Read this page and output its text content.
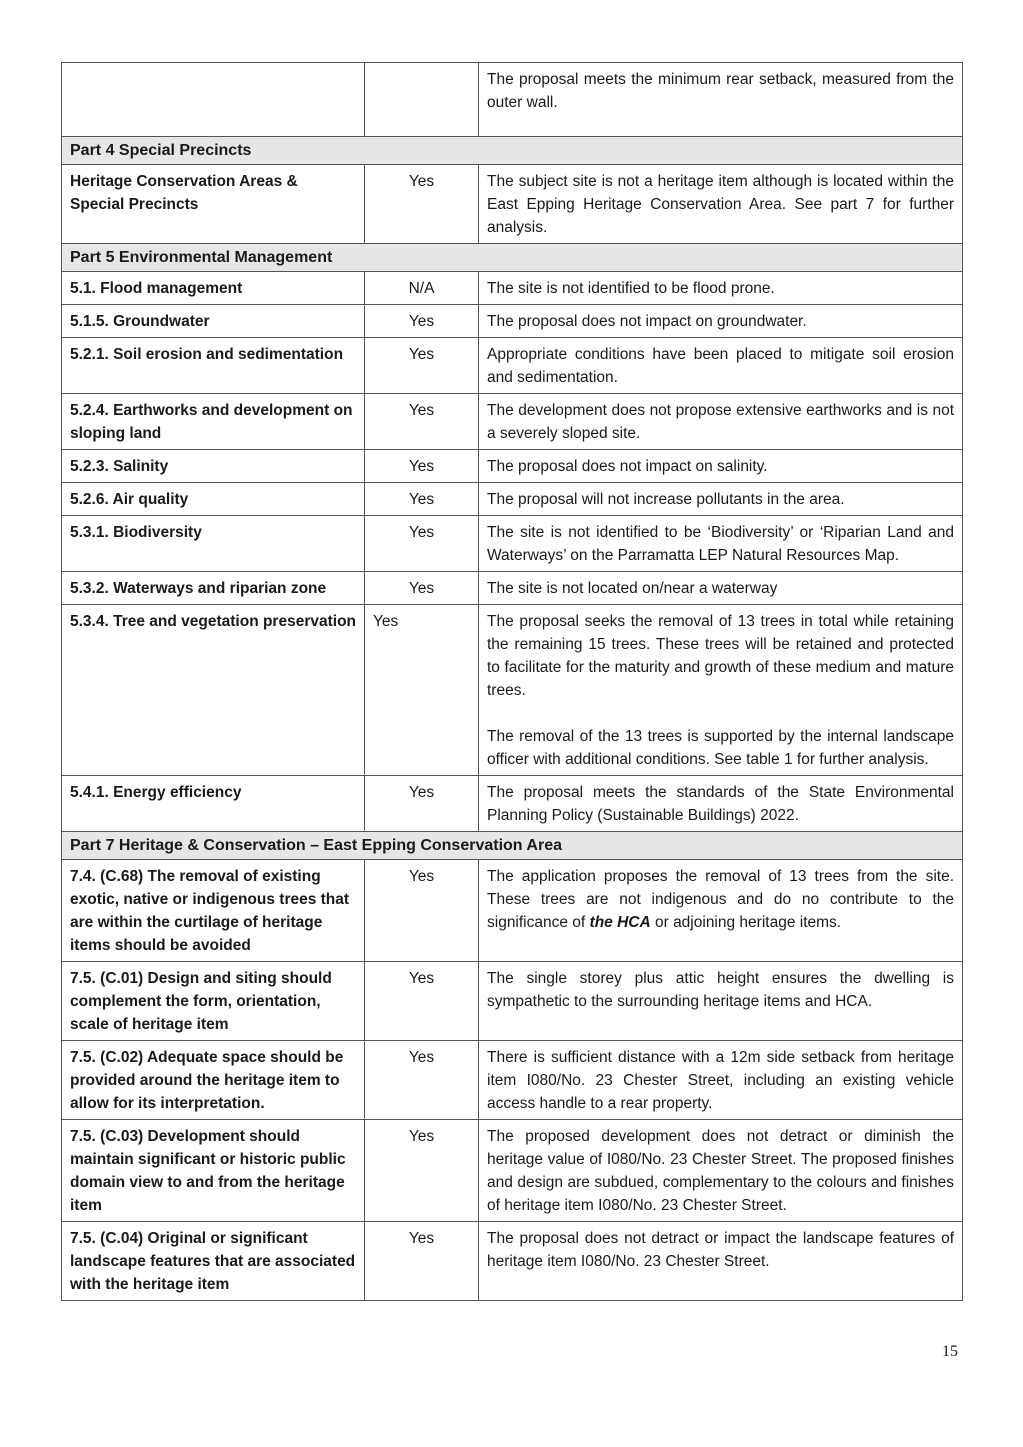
		The proposal meets the minimum rear setback, measured from the outer wall.
Part 4 Special Precincts		
Heritage Conservation Areas & Special Precincts	Yes	The subject site is not a heritage item although is located within the East Epping Heritage Conservation Area. See part 7 for further analysis.
Part 5 Environmental Management		
5.1. Flood management	N/A	The site is not identified to be flood prone.
5.1.5. Groundwater	Yes	The proposal does not impact on groundwater.
5.2.1. Soil erosion and sedimentation	Yes	Appropriate conditions have been placed to mitigate soil erosion and sedimentation.
5.2.4. Earthworks and development on sloping land	Yes	The development does not propose extensive earthworks and is not a severely sloped site.
5.2.3. Salinity	Yes	The proposal does not impact on salinity.
5.2.6. Air quality	Yes	The proposal will not increase pollutants in the area.
5.3.1. Biodiversity	Yes	The site is not identified to be ‘Biodiversity’ or ‘Riparian Land and Waterways’ on the Parramatta LEP Natural Resources Map.
5.3.2. Waterways and riparian zone	Yes	The site is not located on/near a waterway
5.3.4. Tree and vegetation preservation	Yes	The proposal seeks the removal of 13 trees in total while retaining the remaining 15 trees. These trees will be retained and protected to facilitate for the maturity and growth of these medium and mature trees.
The removal of the 13 trees is supported by the internal landscape officer with additional conditions. See table 1 for further analysis.

5.4.1. Energy efficiency	Yes	The proposal meets the standards of the State Environmental Planning Policy (Sustainable Buildings) 2022.
Part 7 Heritage & Conservation – East Epping Conservation Area		
7.4. (C.68) The removal of existing exotic, native or indigenous trees that are within the curtilage of heritage items should be avoided	Yes	The application proposes the removal of 13 trees from the site. These trees are not indigenous and do no contribute to the significance of the HCA or adjoining heritage items.
7.5. (C.01) Design and siting should complement the form, orientation, scale of heritage item	Yes	The single storey plus attic height ensures the dwelling is sympathetic to the surrounding heritage items and HCA.
7.5. (C.02) Adequate space should be provided around the heritage item to allow for its interpretation.	Yes	There is sufficient distance with a 12m side setback from heritage item I080/No. 23 Chester Street, including an existing vehicle access handle to a rear property.
7.5. (C.03) Development should maintain significant or historic public domain view to and from the heritage item	Yes	The proposed development does not detract or diminish the heritage value of I080/No. 23 Chester Street. The proposed finishes and design are subdued, complementary to the colours and finishes of heritage item I080/No. 23 Chester Street.
7.5. (C.04) Original or significant landscape features that are associated with the heritage item	Yes	The proposal does not detract or impact the landscape features of heritage item I080/No. 23 Chester Street.
15
